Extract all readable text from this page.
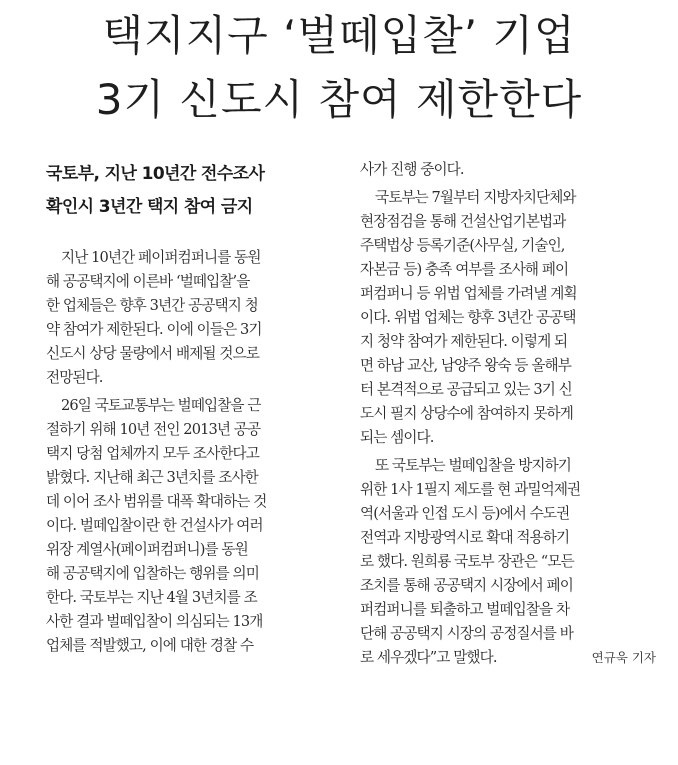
택지지구 ‘벌떼입찰’ 기업
3기 신도시 참여 제한한다
국토부, 지난 10년간 전수조사
확인시 3년간 택지 참여 금지
지난 10년간 페이퍼컴퍼니를 동원
해 공공택지에 이른바 ‘벌떼입찰’을
한 업체들은 향후 3년간 공공택지 청
약 참여가 제한된다. 이에 이들은 3기
신도시 상당 물량에서 배제될 것으로
전망된다.
26일 국토교통부는 벌떼입찰을 근
절하기 위해 10년 전인 2013년 공공
택지 당첨 업체까지 모두 조사한다고
밝혔다. 지난해 최근 3년치를 조사한
데 이어 조사 범위를 대폭 확대하는 것
이다. 벌떼입찰이란 한 건설사가 여러
위장 계열사(페이퍼컴퍼니)를 동원
해 공공택지에 입찰하는 행위를 의미
한다. 국토부는 지난 4월 3년치를 조
사한 결과 벌떼입찰이 의심되는 13개
업체를 적발했고, 이에 대한 경찰 수
사가 진행 중이다.
국토부는 7월부터 지방자치단체와
현장점검을 통해 건설산업기본법과
주택법상 등록기준(사무실, 기술인,
자본금 등) 충족 여부를 조사해 페이
퍼컴퍼니 등 위법 업체를 가려낼 계획
이다. 위법 업체는 향후 3년간 공공택
지 청약 참여가 제한된다. 이렇게 되
면 하남 교산, 남양주 왕숙 등 올해부
터 본격적으로 공급되고 있는 3기 신
도시 필지 상당수에 참여하지 못하게
되는 셈이다.
또 국토부는 벌떼입찰을 방지하기
위한 1사 1필지 제도를 현 과밀억제권
역(서울과 인접 도시 등)에서 수도권
전역과 지방광역시로 확대 적용하기
로 했다. 원희룡 국토부 장관은 “모든
조치를 통해 공공택지 시장에서 페이
퍼컴퍼니를 퇴출하고 벌떼입찰을 차
단해 공공택지 시장의 공정질서를 바
로 세우겠다”고 말했다.	연규욱 기자
